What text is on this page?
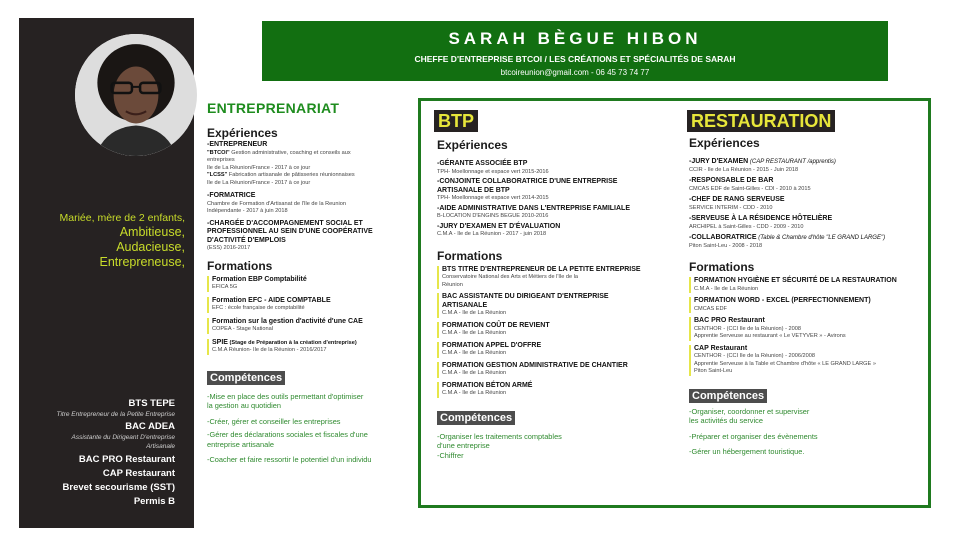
Mariée, mère de 2 enfants,
Ambitieuse,
Audacieuse,
Entrepreneuse,
BTS TEPE
Titre Entrepreneur de la Petite Entreprise
BAC ADEA
Assistante du Dirigeant D'entreprise
Artisanale
BAC PRO Restaurant
CAP Restaurant
Brevet secourisme (SST)
Permis B
SARAH BÈGUE HIBON
CHEFFE D'ENTREPRISE BTCOI / LES CRÉATIONS ET SPÉCIALITÉS DE SARAH
btcoireunion@gmail.com - 06 45 73 74 77
ENTREPRENARIAT
Expériences
-ENTREPRENEUR
"BTCOI" Gestion administrative, coaching et conseils aux
entreprises
Ile de La Réunion/France - 2017 à ce jour
"LCSS" Fabrication artisanale de pâtisseries réunionnaises
Ile de La Réunion/France - 2017 à ce jour
-FORMATRICE
Chambre de Formation d'Artisanat de l'Ile de la Reunion
Indépendante - 2017 à juin 2018
-CHARGÉE D'ACCOMPAGNEMENT SOCIAL ET
PROFESSIONNEL AU SEIN D'UNE COOPÉRATIVE
D'ACTIVITÉ D'EMPLOIS
(ESS) 2016-2017
Formations
Formation EBP Comptabilité
EFICA 5G
Formation EFC - AIDE COMPTABLE
EFC : école française de comptabilité
Formation sur la gestion d'activité d'une CAE
COPEA - Stage National
SPIE (Stage de Préparation à la création d'entreprise)
C.M.A Réunion- Ile de la Réunion - 2016/2017
Compétences
-Mise en place des outils permettant d'optimiser
la gestion au quotidien
-Créer, gérer et conseiller les entreprises
-Gérer des déclarations sociales et fiscales d'une
entreprise artisanale
-Coacher et faire ressortir le potentiel d'un individu
BTP
Expériences
-GÉRANTE ASSOCIÉE BTP
TPH- Moellonnage et espace vert 2015-2016
-CONJOINTE COLLABORATRICE D'UNE ENTREPRISE
ARTISANALE DE BTP
TPH- Moellonnage et espace vert 2014-2015
-AIDE ADMINISTRATIVE DANS L'ENTREPRISE FAMILIALE
B-LOCATION D'ENGINS BEGUE 2010-2016
-JURY D'EXAMEN ET D'ÉVALUATION
C.M.A - Ile de La Réunion - 2017 - juin 2018
Formations
BTS TITRE D'ENTREPRENEUR DE LA PETITE ENTREPRISE
Conservatoire National des Arts et Métiers de l'Ile de la
Réunion
BAC ASSISTANTE DU DIRIGEANT D'ENTREPRISE
ARTISANALE
C.M.A - Ile de La Réunion
FORMATION COÛT DE REVIENT
C.M.A - Ile de La Réunion
FORMATION APPEL D'OFFRE
C.M.A - Ile de La Réunion
FORMATION GESTION ADMINISTRATIVE DE CHANTIER
C.M.A - Ile de La Réunion
FORMATION BÉTON ARMÉ
C.M.A - Ile de La Réunion
Compétences
-Organiser les traitements comptables
d'une entreprise
-Chiffrer
RESTAURATION
Expériences
-JURY D'EXAMEN (CAP RESTAURANT /apprentis)
CCIR - Ile de La Réunion - 2015 - Juin 2018
-RESPONSABLE DE BAR
CMCAS EDF de Saint-Gilles - CDI - 2010 à 2015
-CHEF DE RANG SERVEUSE
SERVICE INTERIM - CDD - 2010
-SERVEUSE À LA RÉSIDENCE HÔTELIÈRE
ARCHIPEL à Saint-Gilles - CDD - 2009 - 2010
-COLLABORATRICE (Table & Chambre d'hôte "LE GRAND LARGE")
Piton Saint-Leu - 2008 - 2018
Formations
FORMATION HYGIÈNE ET SÉCURITÉ DE LA RESTAURATION
C.M.A - Ile de La Réunion
FORMATION WORD - EXCEL (PERFECTIONNEMENT)
CMCAS EDF
BAC PRO Restaurant
CENTHOR - (CCI Ile de la Réunion) - 2008
Apprentie Serveuse au restaurant « Le VETYVER » - Avirons
CAP Restaurant
CENTHOR - (CCI Ile de la Réunion) - 2006/2008
Apprentie Serveuse à la Table et Chambre d'hôte « LE GRAND LARGE »
Piton Saint-Leu
Compétences
-Organiser, coordonner et superviser
les activités du service
-Préparer et organiser des évènements
-Gérer un hébergement touristique.
